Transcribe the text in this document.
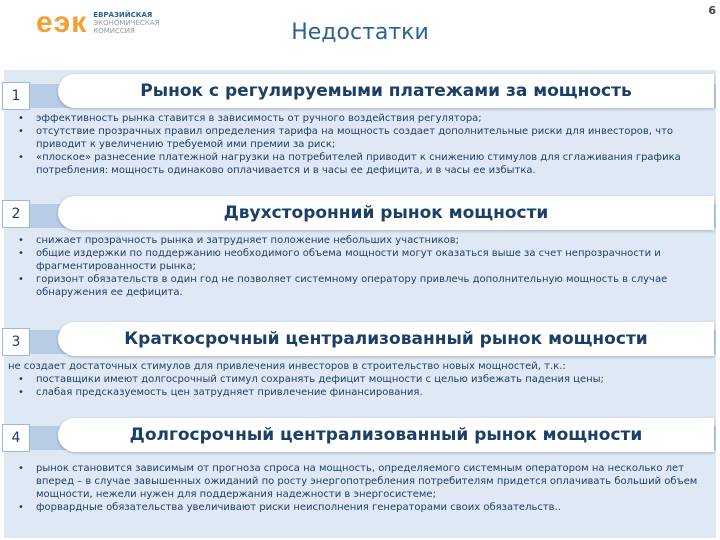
еэк ЕВРАЗИЙСКАЯ
ЭКОНОМИЧЕСКАЯ
КОМИССИЯ	Недостатки
6
1	Рынок с регулируемыми платежами за мощность
• эффективность рынка ставится в зависимость от ручного воздействия регулятора;
• отсутствие прозрачных правил определения тарифа на мощность создает дополнительные риски для инвесторов, что приводит к увеличению требуемой ими премии за риск;
• «плоское» разнесение платежной нагрузки на потребителей приводит к снижению стимулов для сглаживания графика потребления: мощность одинаково оплачивается и в часы ее дефицита, и в часы ее избытка.
2	Двухсторонний рынок мощности
• снижает прозрачность рынка и затрудняет положение небольших участников;
• общие издержки по поддержанию необходимого объема мощности могут оказаться выше за счет непрозрачности и фрагментированности рынка;
• горизонт обязательств в один год не позволяет системному оператору привлечь дополнительную мощность в случае обнаружения ее дефицита.
3	Краткосрочный централизованный рынок мощности
не создает достаточных стимулов для привлечения инвесторов в строительство новых мощностей, т.к.:
• поставщики имеют долгосрочный стимул сохранять дефицит мощности с целью избежать падения цены;
• слабая предсказуемость цен затрудняет привлечение финансирования.
4	Долгосрочный централизованный рынок мощности
• рынок становится зависимым от прогноза спроса на мощность, определяемого системным оператором на несколько лет вперед – в случае завышенных ожиданий по росту энергопотребления потребителям придется оплачивать больший объем мощности, нежели нужен для поддержания надежности в энергосистеме;
• форвардные обязательства увеличивают риски неисполнения генераторами своих обязательств..
